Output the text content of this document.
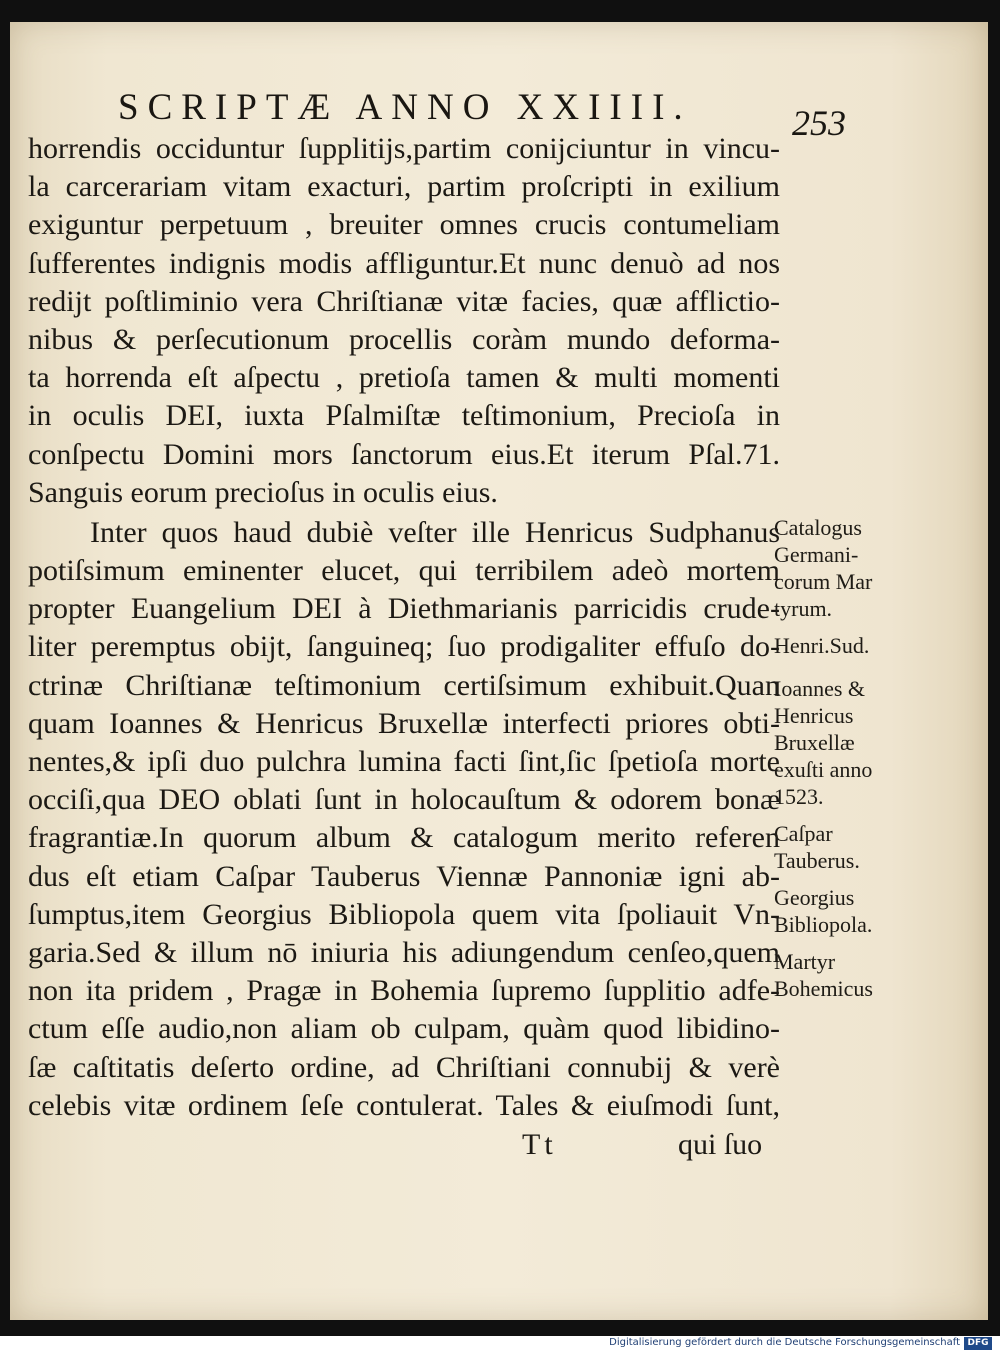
SCRIPTÆ ANNO XXIIII.	253
horrendis occiduntur ſupplitijs,partim conijciuntur in vincu-
la carcerariam vitam exacturi, partim proſcripti in exilium
exiguntur perpetuum , breuiter omnes crucis contumeliam
ſufferentes indignis modis affliguntur.Et nunc denuò ad nos
redijt poſtliminio vera Chriſtianæ vitæ facies, quæ afflictio-
nibus & perſecutionum procellis coràm mundo deforma-
ta horrenda eſt aſpectu , pretioſa tamen & multi momenti
in oculis DEI, iuxta Pſalmiſtæ teſtimonium, Precioſa in
conſpectu Domini mors ſanctorum eius.Et iterum Pſal.71.
Sanguis eorum precioſus in oculis eius.
Inter quos haud dubiè veſter ille Henricus Sudphanus
potiſsimum eminenter elucet, qui terribilem adeò mortem
propter Euangelium DEI à Diethmarianis parricidis crude-
liter peremptus obijt, ſanguineq; ſuo prodigaliter effuſo do-
ctrinæ Chriſtianæ teſtimonium certiſsimum exhibuit.Quan
quam Ioannes & Henricus Bruxellæ interfecti priores obti-
nentes,& ipſi duo pulchra lumina facti ſint,ſic ſpetioſa morte
occiſi,qua DEO oblati ſunt in holocauſtum & odorem bonæ
fragrantiæ.In quorum album & catalogum merito referen
dus eſt etiam Caſpar Tauberus Viennæ Pannoniæ igni ab-
ſumptus,item Georgius Bibliopola quem vita ſpoliauit Vn-
garia.Sed & illum nō iniuria his adiungendum cenſeo,quem
non ita pridem , Pragæ in Bohemia ſupremo ſupplitio adfe-
ctum eſſe audio,non aliam ob culpam, quàm quod libidino-
ſæ caſtitatis deſerto ordine, ad Chriſtiani connubij & verè
celebis vitæ ordinem ſeſe contulerat. Tales & eiuſmodi ſunt,
Tt	qui ſuo
Catalogus
Germani-
corum Mar
tyrum.
Henri.Sud.
Ioannes &
Henricus
Bruxellæ
exuſti anno
1523.
Caſpar
Tauberus.
Georgius
Bibliopola.
Martyr
Bohemicus
Digitalisierung gefördert durch die Deutsche Forschungsgemeinschaft DFG
